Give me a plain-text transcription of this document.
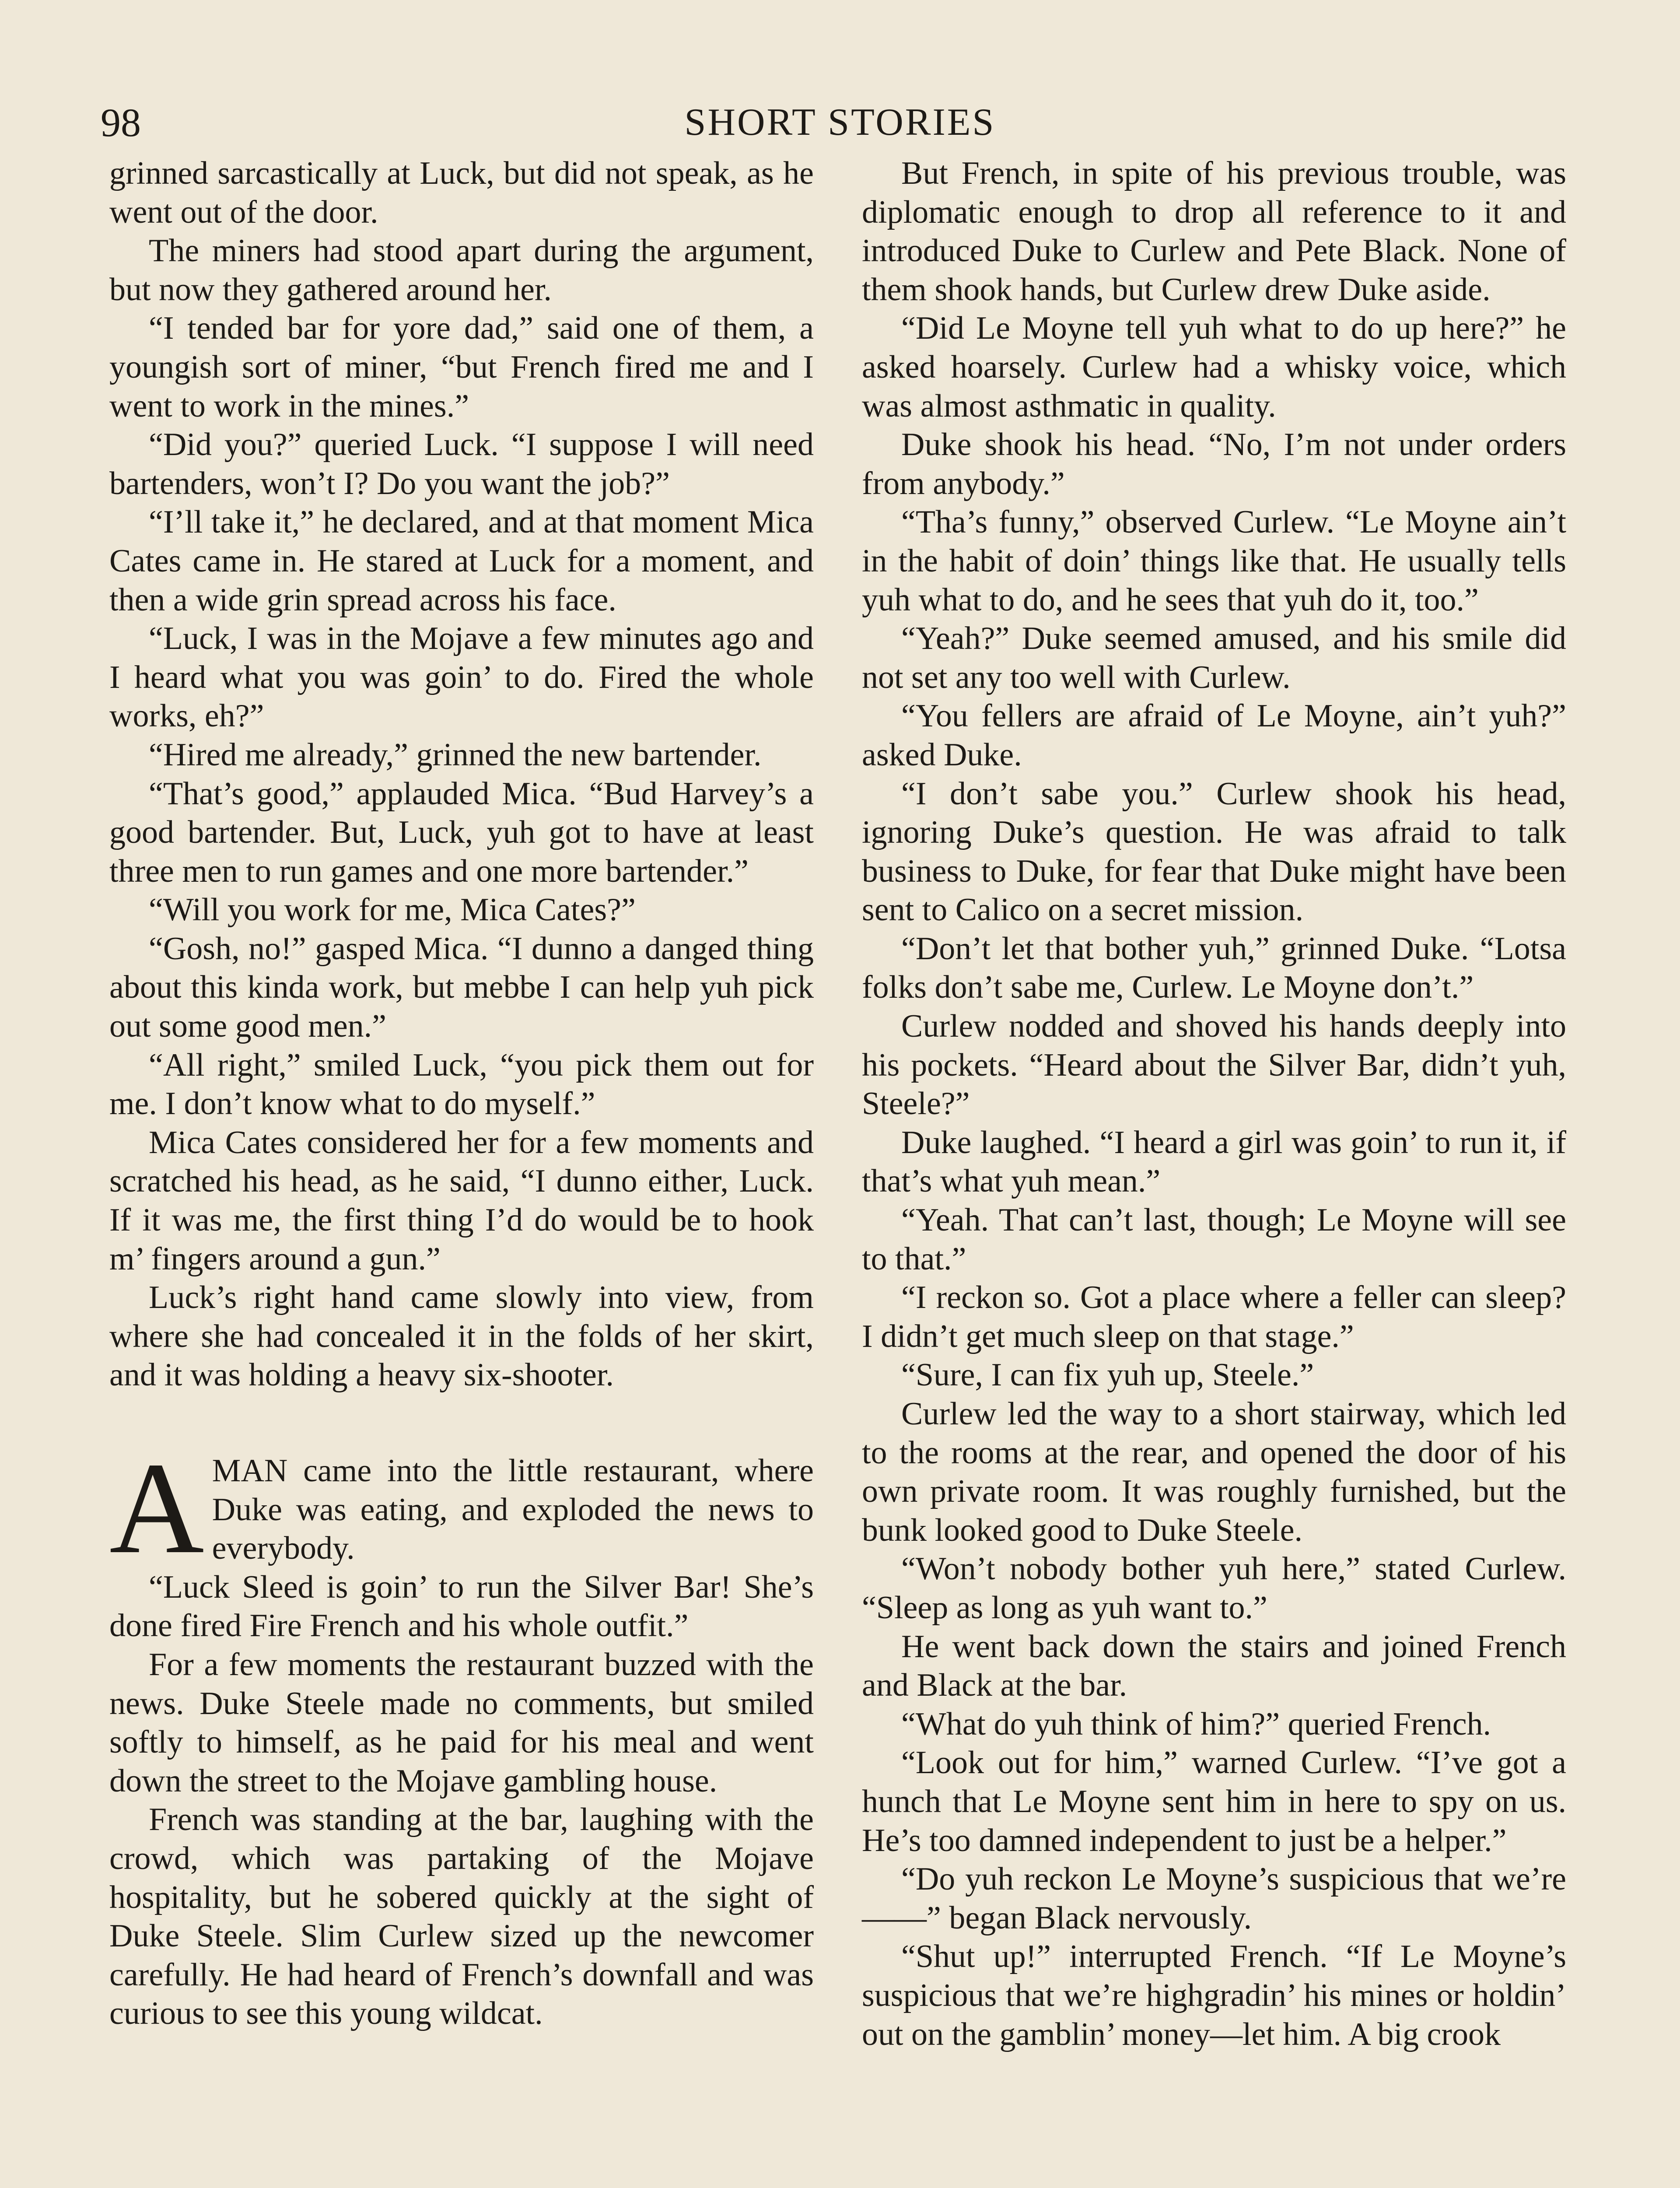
98	SHORT STORIES

grinned sarcastically at Luck, but did not speak, as he went out of the door.

The miners had stood apart during the argument, but now they gathered around her.

“I tended bar for yore dad,” said one of them, a youngish sort of miner, “but French fired me and I went to work in the mines.”

“Did you?” queried Luck. “I suppose I will need bartenders, won’t I? Do you want the job?”

“I’ll take it,” he declared, and at that moment Mica Cates came in. He stared at Luck for a moment, and then a wide grin spread across his face.

“Luck, I was in the Mojave a few minutes ago and I heard what you was goin’ to do. Fired the whole works, eh?”

“Hired me already,” grinned the new bartender.

“That’s good,” applauded Mica. “Bud Harvey’s a good bartender. But, Luck, yuh got to have at least three men to run games and one more bartender.”

“Will you work for me, Mica Cates?”

“Gosh, no!” gasped Mica. “I dunno a danged thing about this kinda work, but mebbe I can help yuh pick out some good men.”

“All right,” smiled Luck, “you pick them out for me. I don’t know what to do myself.”

Mica Cates considered her for a few moments and scratched his head, as he said, “I dunno either, Luck. If it was me, the first thing I’d do would be to hook m’ fingers around a gun.”

Luck’s right hand came slowly into view, from where she had concealed it in the folds of her skirt, and it was holding a heavy six-shooter.

AMAN came into the little restaurant, where Duke was eating, and exploded the news to everybody.

“Luck Sleed is goin’ to run the Silver Bar! She’s done fired Fire French and his whole outfit.”

For a few moments the restaurant buzzed with the news. Duke Steele made no comments, but smiled softly to himself, as he paid for his meal and went down the street to the Mojave gambling house.

French was standing at the bar, laughing with the crowd, which was partaking of the Mojave hospitality, but he sobered quickly at the sight of Duke Steele. Slim Curlew sized up the newcomer carefully. He had heard of French’s downfall and was curious to see this young wildcat.

But French, in spite of his previous trouble, was diplomatic enough to drop all reference to it and introduced Duke to Curlew and Pete Black. None of them shook hands, but Curlew drew Duke aside.

“Did Le Moyne tell yuh what to do up here?” he asked hoarsely. Curlew had a whisky voice, which was almost asthmatic in quality.

Duke shook his head. “No, I’m not under orders from anybody.”

“Tha’s funny,” observed Curlew. “Le Moyne ain’t in the habit of doin’ things like that. He usually tells yuh what to do, and he sees that yuh do it, too.”

“Yeah?” Duke seemed amused, and his smile did not set any too well with Curlew.

“You fellers are afraid of Le Moyne, ain’t yuh?” asked Duke.

“I don’t sabe you.” Curlew shook his head, ignoring Duke’s question. He was afraid to talk business to Duke, for fear that Duke might have been sent to Calico on a secret mission.

“Don’t let that bother yuh,” grinned Duke. “Lotsa folks don’t sabe me, Curlew. Le Moyne don’t.”

Curlew nodded and shoved his hands deeply into his pockets. “Heard about the Silver Bar, didn’t yuh, Steele?”

Duke laughed. “I heard a girl was goin’ to run it, if that’s what yuh mean.”

“Yeah. That can’t last, though; Le Moyne will see to that.”

“I reckon so. Got a place where a feller can sleep? I didn’t get much sleep on that stage.”

“Sure, I can fix yuh up, Steele.”

Curlew led the way to a short stairway, which led to the rooms at the rear, and opened the door of his own private room. It was roughly furnished, but the bunk looked good to Duke Steele.

“Won’t nobody bother yuh here,” stated Curlew. “Sleep as long as yuh want to.”

He went back down the stairs and joined French and Black at the bar.

“What do yuh think of him?” queried French.

“Look out for him,” warned Curlew. “I’ve got a hunch that Le Moyne sent him in here to spy on us. He’s too damned independent to just be a helper.”

“Do yuh reckon Le Moyne’s suspicious that we’re——” began Black nervously.

“Shut up!” interrupted French. “If Le Moyne’s suspicious that we’re highgradin’ his mines or holdin’ out on the gamblin’ money—let him. A big crook
